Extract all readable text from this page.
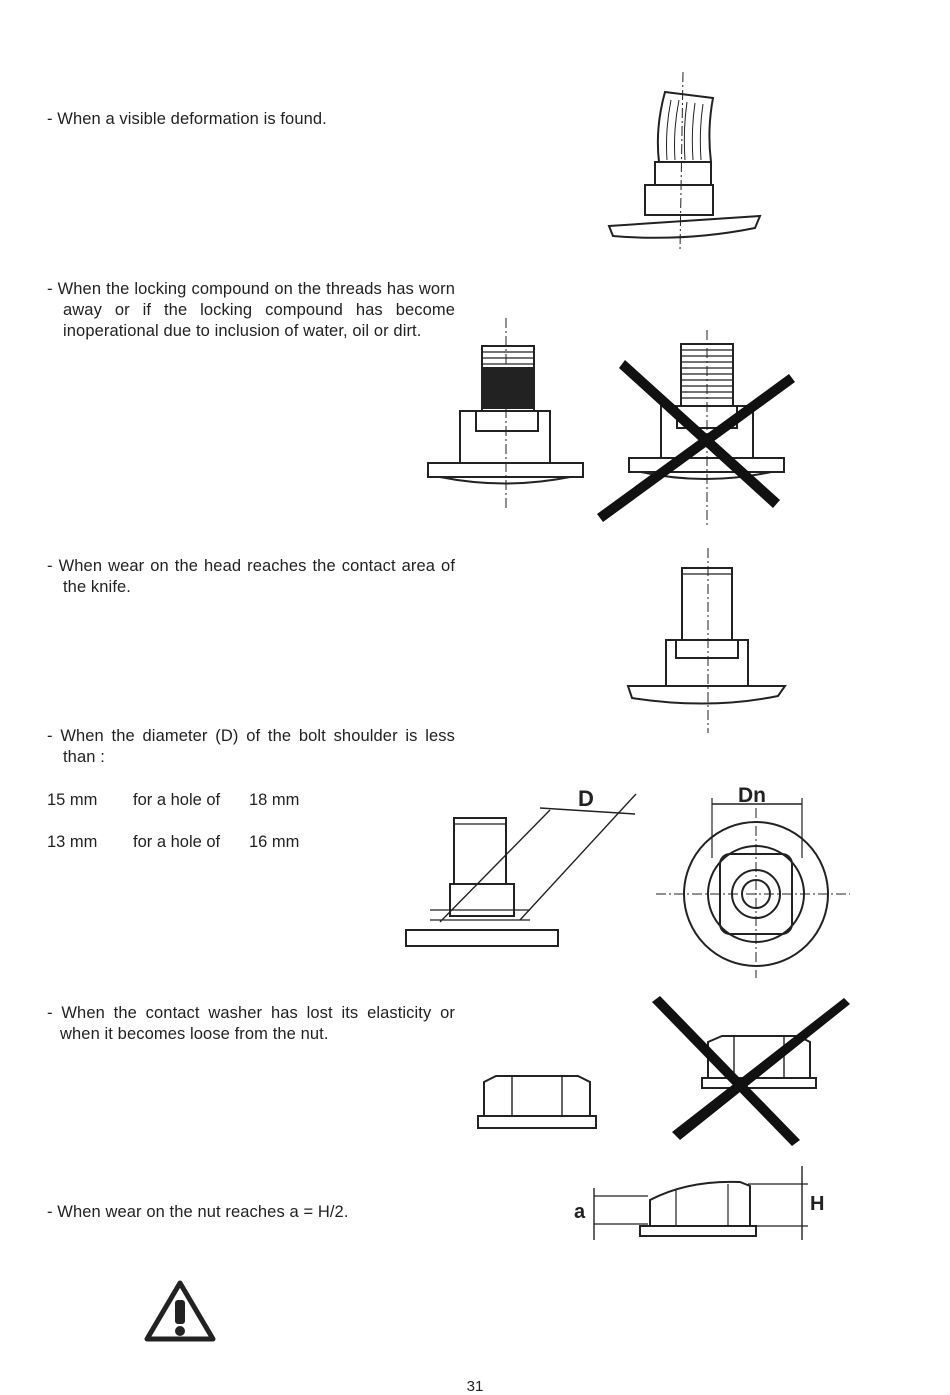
- When a visible deformation is found.
- When the locking compound on the threads has worn away or if the locking compound has become inoperational due to inclusion of water, oil or dirt.
- When wear on the head reaches the contact area of the knife.
- When the diameter (D) of the bolt shoulder is less than :
15 mm for a hole of 18 mm
13 mm for a hole of 16 mm
- When the contact washer has lost its elasticity or when it becomes loose from the nut.
- When wear on the nut reaches a = H/2.
D	Dn
a	H
31
